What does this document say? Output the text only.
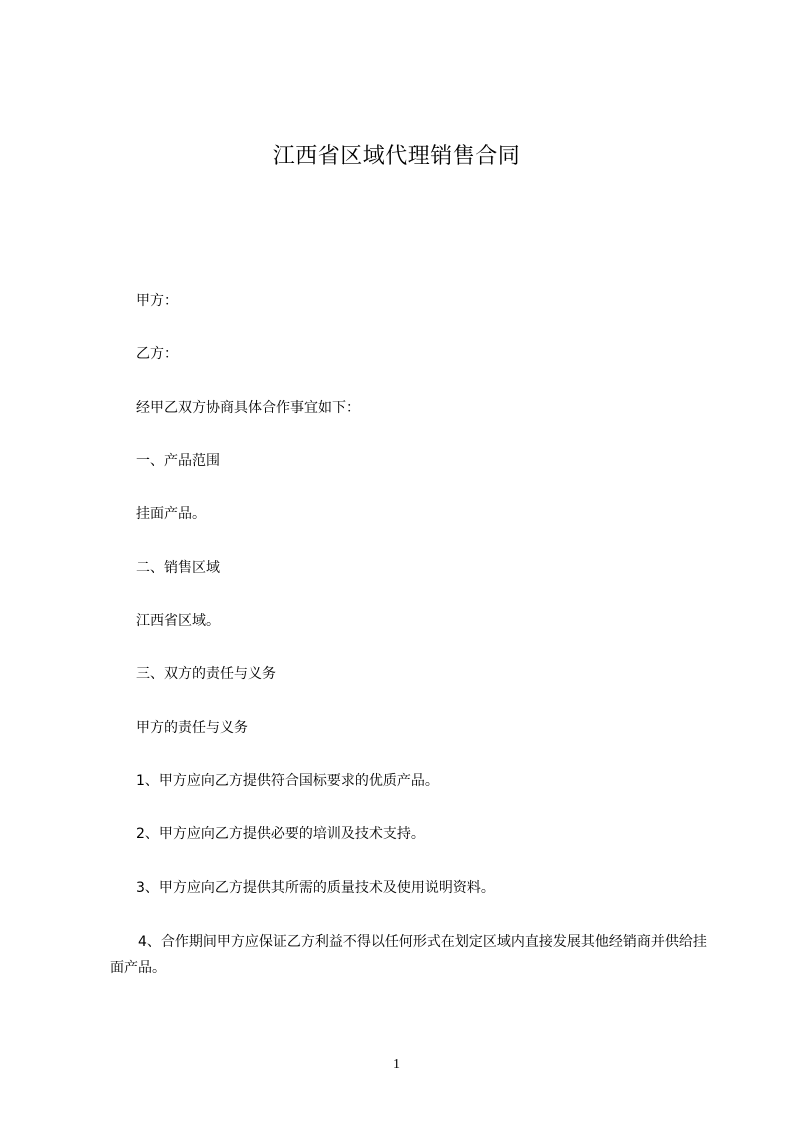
江西省区域代理销售合同
甲方：
乙方：
经甲乙双方协商具体合作事宜如下：
一、产品范围
挂面产品。
二、销售区域
江西省区域。
三、双方的责任与义务
甲方的责任与义务
1、甲方应向乙方提供符合国标要求的优质产品。
2、甲方应向乙方提供必要的培训及技术支持。
3、甲方应向乙方提供其所需的质量技术及使用说明资料。
4、合作期间甲方应保证乙方利益不得以任何形式在划定区域内直接发展其他经销商并供给挂面产品。
1
